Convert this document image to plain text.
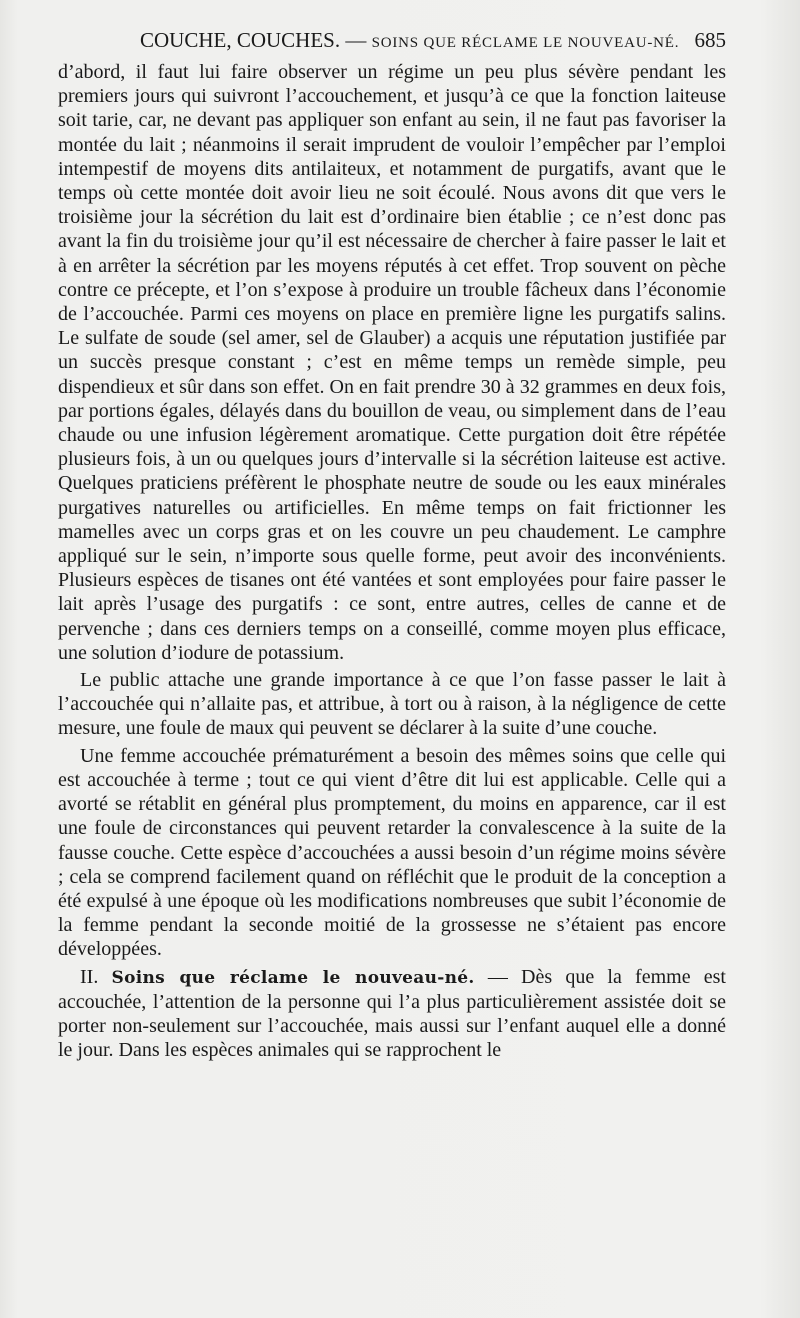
COUCHE, COUCHES. — SOINS QUE RÉCLAME LE NOUVEAU-NÉ. 685

d’abord, il faut lui faire observer un régime un peu plus sévère pendant les premiers jours qui suivront l’accouchement, et jusqu’à ce que la fonction laiteuse soit tarie, car, ne devant pas appliquer son enfant au sein, il ne faut pas favoriser la montée du lait ; néanmoins il serait imprudent de vouloir l’empêcher par l’emploi intempestif de moyens dits antilaiteux, et notamment de purgatifs, avant que le temps où cette montée doit avoir lieu ne soit écoulé. Nous avons dit que vers le troisième jour la sécrétion du lait est d’ordinaire bien établie ; ce n’est donc pas avant la fin du troisième jour qu’il est nécessaire de chercher à faire passer le lait et à en arrêter la sécrétion par les moyens réputés à cet effet. Trop souvent on pèche contre ce précepte, et l’on s’expose à produire un trouble fâcheux dans l’économie de l’accouchée. Parmi ces moyens on place en première ligne les purgatifs salins. Le sulfate de soude (sel amer, sel de Glauber) a acquis une réputation justifiée par un succès presque constant ; c’est en même temps un remède simple, peu dispendieux et sûr dans son effet. On en fait prendre 30 à 32 grammes en deux fois, par portions égales, délayés dans du bouillon de veau, ou simplement dans de l’eau chaude ou une infusion légèrement aromatique. Cette purgation doit être répétée plusieurs fois, à un ou quelques jours d’intervalle si la sécrétion laiteuse est active. Quelques praticiens préfèrent le phosphate neutre de soude ou les eaux minérales purgatives naturelles ou artificielles. En même temps on fait frictionner les mamelles avec un corps gras et on les couvre un peu chaudement. Le camphre appliqué sur le sein, n’importe sous quelle forme, peut avoir des inconvénients. Plusieurs espèces de tisanes ont été vantées et sont employées pour faire passer le lait après l’usage des purgatifs : ce sont, entre autres, celles de canne et de pervenche ; dans ces derniers temps on a conseillé, comme moyen plus efficace, une solution d’iodure de potassium.

Le public attache une grande importance à ce que l’on fasse passer le lait à l’accouchée qui n’allaite pas, et attribue, à tort ou à raison, à la négligence de cette mesure, une foule de maux qui peuvent se déclarer à la suite d’une couche.

Une femme accouchée prématurément a besoin des mêmes soins que celle qui est accouchée à terme ; tout ce qui vient d’être dit lui est applicable. Celle qui a avorté se rétablit en général plus promptement, du moins en apparence, car il est une foule de circonstances qui peuvent retarder la convalescence à la suite de la fausse couche. Cette espèce d’accouchées a aussi besoin d’un régime moins sévère ; cela se comprend facilement quand on réfléchit que le produit de la conception a été expulsé à une époque où les modifications nombreuses que subit l’économie de la femme pendant la seconde moitié de la grossesse ne s’étaient pas encore développées.

II. Soins que réclame le nouveau-né. — Dès que la femme est accouchée, l’attention de la personne qui l’a plus particulièrement assistée doit se porter non-seulement sur l’accouchée, mais aussi sur l’enfant auquel elle a donné le jour. Dans les espèces animales qui se rapprochent le
